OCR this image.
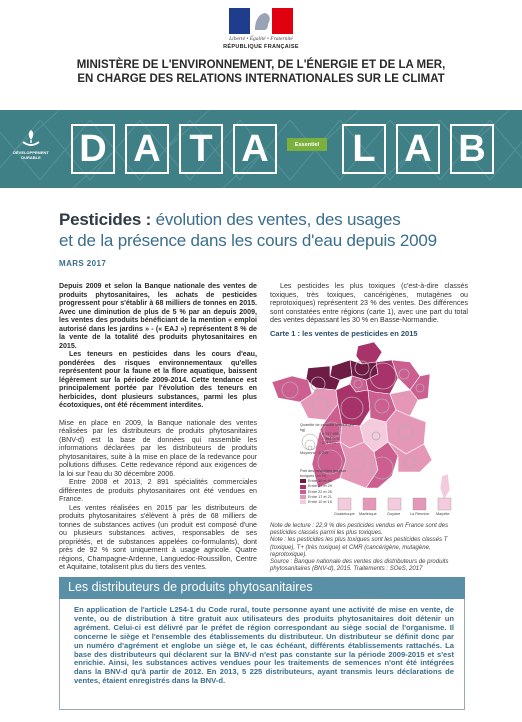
Liberté • Égalité • Fraternité
RÉPUBLIQUE FRANÇAISE
MINISTÈRE DE L'ENVIRONNEMENT, DE L'ÉNERGIE ET DE LA MER,
EN CHARGE DES RELATIONS INTERNATIONALES SUR LE CLIMAT
DÉVELOPPEMENT DURABLE D A T A	Essentiel L A B
Pesticides : évolution des ventes, des usages
et de la présence dans les cours d'eau depuis 2009
MARS 2017

Depuis 2009 et selon la Banque nationale des ventes de produits phytosanitaires, les achats de pesticides progressent pour s'établir à 68 milliers de tonnes en 2015. Avec une diminution de plus de 5 % par an depuis 2009, les ventes des produits bénéficiant de la mention « emploi autorisé dans les jardins » - (« EAJ ») représentent 8 % de la vente de la totalité des produits phytosanitaires en 2015.

Les teneurs en pesticides dans les cours d'eau, pondérées des risques environnementaux qu'elles représentent pour la faune et la flore aquatique, baissent légèrement sur la période 2009-2014. Cette tendance est principalement portée par l'évolution des teneurs en herbicides, dont plusieurs substances, parmi les plus écotoxiques, ont été récemment interdites.

Mise en place en 2009, la Banque nationale des ventes réalisées par les distributeurs de produits phytosanitaires (BNV-d) est la base de données qui rassemble les informations déclarées par les distributeurs de produits phytosanitaires, suite à la mise en place de la redevance pour pollutions diffuses. Cette redevance répond aux exigences de la loi sur l'eau du 30 décembre 2006.

Entre 2008 et 2013, 2 891 spécialités commerciales différentes de produits phytosanitaires ont été vendues en France.

Les ventes réalisées en 2015 par les distributeurs de produits phytosanitaires s'élèvent à près de 68 milliers de tonnes de substances actives (un produit est composé d'une ou plusieurs substances actives, responsables de ses propriétés, et de substances appelées co-formulants), dont près de 92 % sont uniquement à usage agricole. Quatre régions, Champagne-Ardenne, Languedoc-Roussillon, Centre et Aquitaine, totalisent plus du tiers des ventes.

Les pesticides les plus toxiques (c'est-à-dire classés toxiques, très toxiques, cancérigènes, mutagènes ou reprotoxiques) représentent 23 % des ventes. Des différences sont constatées entre régions (carte 1), avec une part du total des ventes dépassant les 30 % en Basse-Normandie.

Carte 1 : les ventes de pesticides en 2015
Quantité de produits vendus (en kg)
6 317 490
1 364 070
214 670
Moyenne : 1 219
Part des pesticides les plus toxiques (en %)
Entre 30 et 40
Entre 27 et 29
Entre 22 et 26
Entre 17 et 21
Entre 10 et 16
Guadeloupe Martinique	Guyane	La Réunion Mayotte
Note de lecture : 22,9 % des pesticides vendus en France sont des pesticides classés parmi les plus toxiques.
Note : les pesticides les plus toxiques sont les pesticides classés T (toxique), T+ (très toxique) et CMR (cancérigène, mutagène, reprotoxique).
Source : Banque nationale des ventes des distributeurs de produits phytosanitaires (BNV-d), 2015. Traitements : SOeS, 2017
Les distributeurs de produits phytosanitaires
En application de l'article L254-1 du Code rural, toute personne ayant une activité de mise en vente, de vente, ou de distribution à titre gratuit aux utilisateurs des produits phytosanitaires doit détenir un agrément. Celui-ci est délivré par le préfet de région correspondant au siège social de l'organisme. Il concerne le siège et l'ensemble des établissements du distributeur. Un distributeur se définit donc par un numéro d'agrément et englobe un siège et, le cas échéant, différents établissements rattachés. La base des distributeurs qui déclarent sur la BNV-d n'est pas constante sur la période 2009-2015 et s'est enrichie. Ainsi, les substances actives vendues pour les traitements de semences n'ont été intégrées dans la BNV-d qu'à partir de 2012. En 2013, 5 225 distributeurs, ayant transmis leurs déclarations de ventes, étaient enregistrés dans la BNV-d.
